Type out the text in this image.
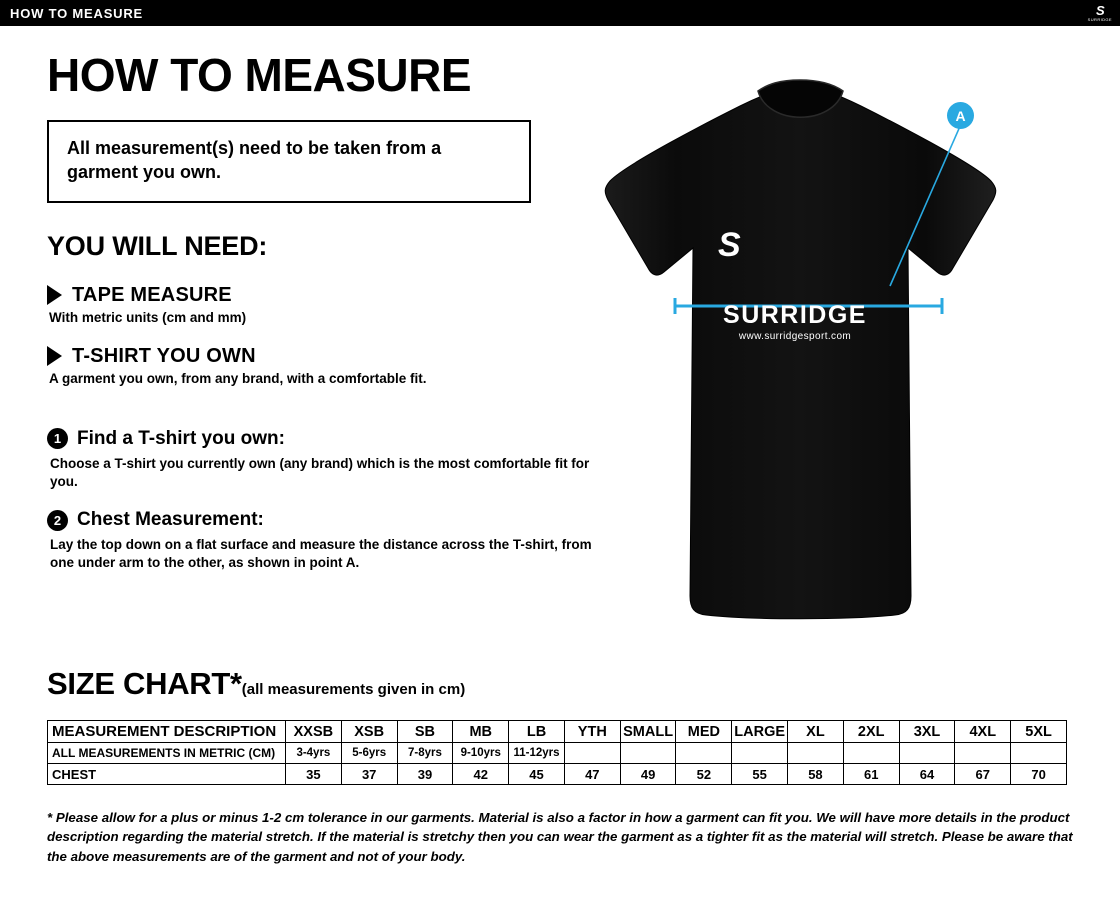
HOW TO MEASURE	S
SURRIDGE
HOW TO MEASURE

All measurement(s) need to be taken from a garment you own.

YOU WILL NEED:
TAPE MEASURE

With metric units (cm and mm)

T-SHIRT YOU OWN

A garment you own, from any brand, with a comfortable fit.

1 Find a T-shirt you own:

Choose a T-shirt you currently own (any brand) which is the most comfortable fit for you.

2 Chest Measurement:

Lay the top down on a flat surface and measure the distance across the T-shirt, from one under arm to the other, as shown in point A.

A
S
SURRIDGE
www.surridgesport.com
SIZE CHART*(all measurements given in cm)
MEASUREMENT DESCRIPTION	XXSB	XSB	SB	MB	LB	YTH	SMALL	MED	LARGE	XL	2XL	3XL	4XL	5XL
ALL MEASUREMENTS IN METRIC (CM)	3-4yrs	5-6yrs	7-8yrs	9-10yrs	11-12yrs									
CHEST	35	37	39	42	45	47	49	52	55	58	61	64	67	70

* Please allow for a plus or minus 1-2 cm tolerance in our garments. Material is also a factor in how a garment can fit you. We will have more details in the product description regarding the material stretch. If the material is stretchy then you can wear the garment as a tighter fit as the material will stretch. Please be aware that the above measurements are of the garment and not of your body.
